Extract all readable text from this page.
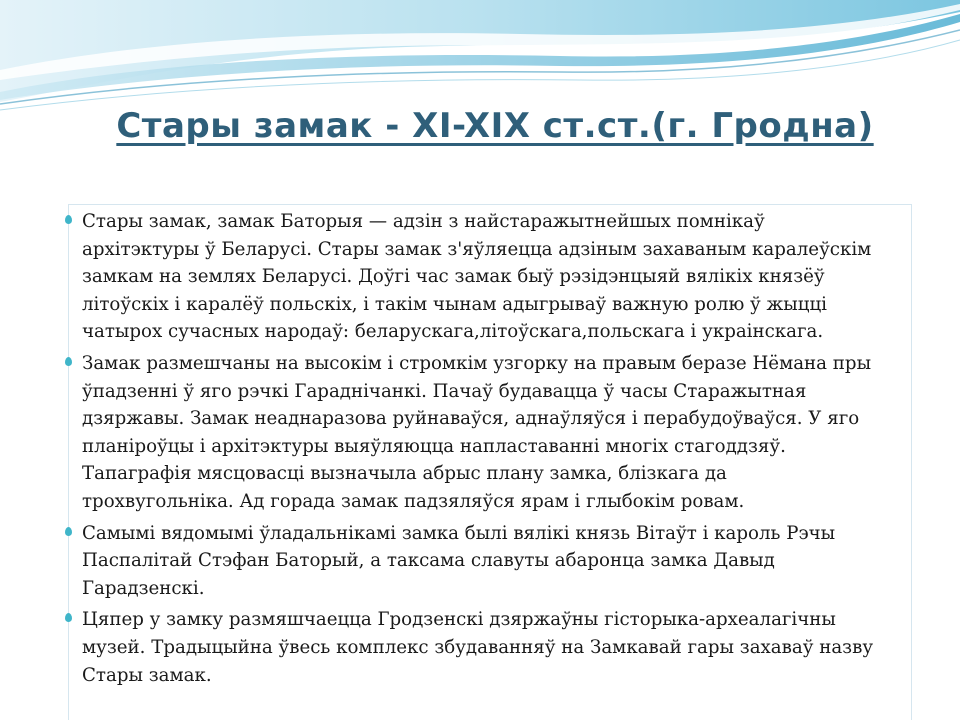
Стары замак - XI-XIX ст.ст.(г. Гродна)
Стары замак, замак Баторыя — адзін з найстаражытнейшых помнікаў
архітэктуры ў Беларусі. Стары замак з'яўляецца адзіным захаваным каралеўскім
замкам на землях Беларусі. Доўгі час замак быў рэзідэнцыяй вялікіх князёў
літоўскіх і каралёў польскіх, і такім чынам адыгрываў важную ролю ў жыцці
чатырох сучасных народаў: беларускага,літоўскага,польскага і украінскага.
Замак размешчаны на высокім і стромкім узгорку на правым беразе Нёмана пры
ўпадзенні ў яго рэчкі Гараднічанкі. Пачаў будавацца ў часы Старажытная
дзяржавы. Замак неаднаразова руйнаваўся, аднаўляўся і перабудоўваўся. У яго
планіроўцы і архітэктуры выяўляюцца напластаванні многіх стагоддзяў.
Тапаграфія мясцовасці вызначыла абрыс плану замка, блізкага да
трохвугольніка. Ад горада замак падзяляўся ярам і глыбокім ровам.
Самымі вядомымі ўладальнікамі замка былі вялікі князь Вітаўт і кароль Рэчы
Паспалітай Стэфан Баторый, а таксама славуты абаронца замка Давыд
Гарадзенскі.
Цяпер у замку размяшчаецца Гродзенскі дзяржаўны гісторыка-археалагічны
музей. Традыцыйна ўвесь комплекс збудаванняў на Замкавай гары захаваў назву
Стары замак.
